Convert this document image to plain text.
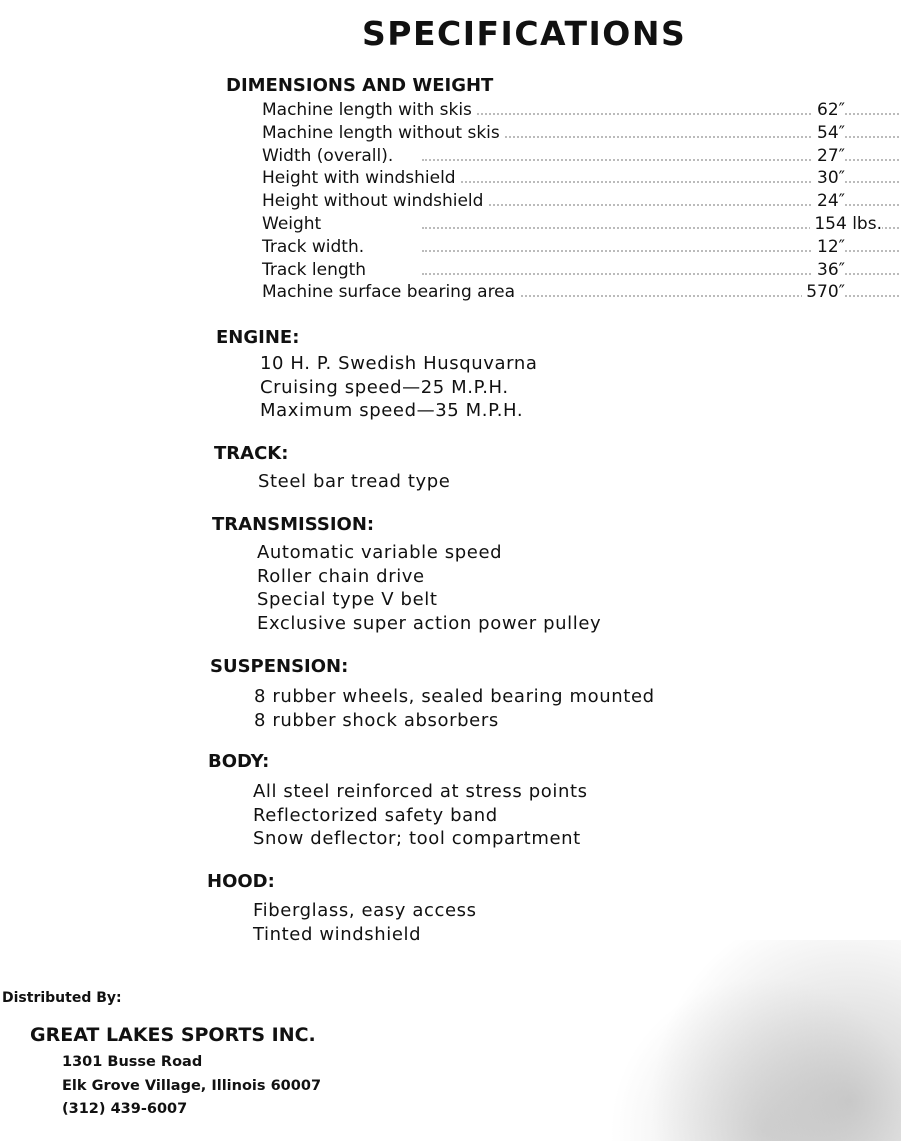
SPECIFICATIONS
DIMENSIONS AND WEIGHT
Machine length with skis	62″
Machine length without skis	54″
Width (overall).	27″
Height with windshield	30″
Height without windshield	24″
Weight	154 lbs.
Track width.	12″
Track length	36″
Machine surface bearing area	570″
ENGINE:
10 H. P. Swedish Husquvarna
Cruising speed—25 M.P.H.
Maximum speed—35 M.P.H.
TRACK:
Steel bar tread type
TRANSMISSION:
Automatic variable speed
Roller chain drive
Special type V belt
Exclusive super action power pulley
SUSPENSION:
8 rubber wheels, sealed bearing mounted
8 rubber shock absorbers
BODY:
All steel reinforced at stress points
Reflectorized safety band
Snow deflector; tool compartment
HOOD:
Fiberglass, easy access
Tinted windshield
Distributed By:
GREAT LAKES SPORTS INC.
1301 Busse Road
Elk Grove Village, Illinois 60007
(312) 439-6007
